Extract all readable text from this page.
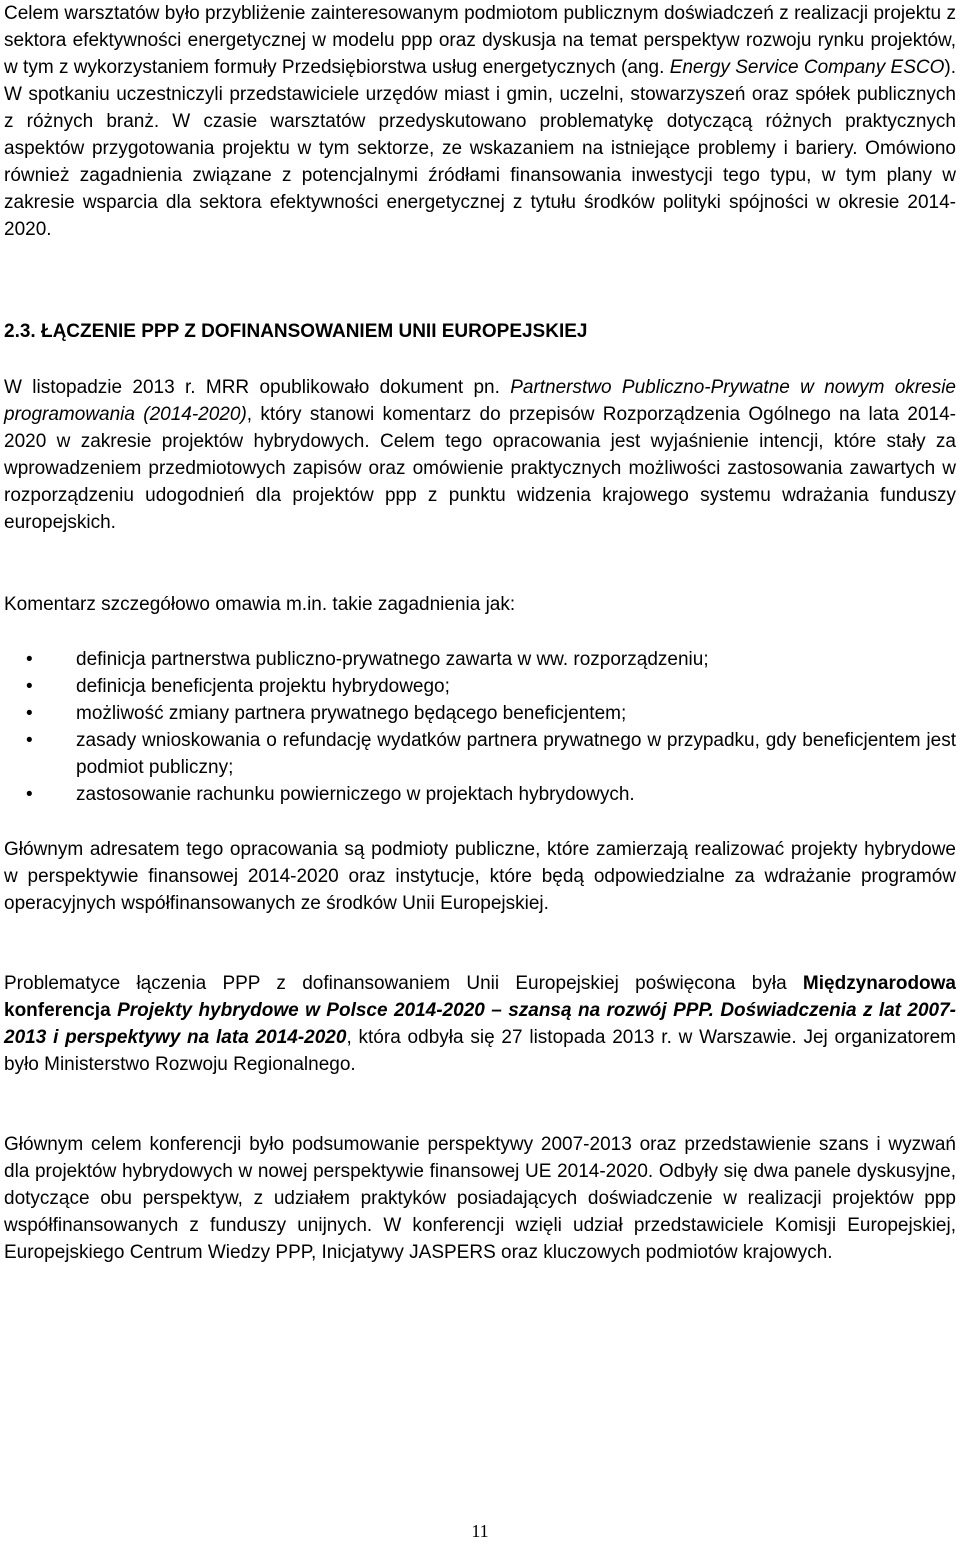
Celem warsztatów było przybliżenie zainteresowanym podmiotom publicznym doświadczeń z realizacji projektu z sektora efektywności energetycznej w modelu ppp oraz dyskusja na temat perspektyw rozwoju rynku projektów, w tym z wykorzystaniem formuły Przedsiębiorstwa usług energetycznych (ang. Energy Service Company ESCO). W spotkaniu uczestniczyli przedstawiciele urzędów miast i gmin, uczelni, stowarzyszeń oraz spółek publicznych z różnych branż. W czasie warsztatów przedyskutowano problematykę dotyczącą różnych praktycznych aspektów przygotowania projektu w tym sektorze, ze wskazaniem na istniejące problemy i bariery. Omówiono również zagadnienia związane z potencjalnymi źródłami finansowania inwestycji tego typu, w tym plany w zakresie wsparcia dla sektora efektywności energetycznej z tytułu środków polityki spójności w okresie 2014-2020.

2.3. ŁĄCZENIE PPP Z DOFINANSOWANIEM UNII EUROPEJSKIEJ

W listopadzie 2013 r. MRR opublikowało dokument pn. Partnerstwo Publiczno-Prywatne w nowym okresie programowania (2014-2020), który stanowi komentarz do przepisów Rozporządzenia Ogólnego na lata 2014-2020 w zakresie projektów hybrydowych. Celem tego opracowania jest wyjaśnienie intencji, które stały za wprowadzeniem przedmiotowych zapisów oraz omówienie praktycznych możliwości zastosowania zawartych w rozporządzeniu udogodnień dla projektów ppp z punktu widzenia krajowego systemu wdrażania funduszy europejskich.

Komentarz szczegółowo omawia m.in. takie zagadnienia jak:

• definicja partnerstwa publiczno-prywatnego zawarta w ww. rozporządzeniu;
• definicja beneficjenta projektu hybrydowego;
• możliwość zmiany partnera prywatnego będącego beneficjentem;
• zasady wnioskowania o refundację wydatków partnera prywatnego w przypadku, gdy beneficjentem jest podmiot publiczny;
• zastosowanie rachunku powierniczego w projektach hybrydowych.

Głównym adresatem tego opracowania są podmioty publiczne, które zamierzają realizować projekty hybrydowe w perspektywie finansowej 2014-2020 oraz instytucje, które będą odpowiedzialne za wdrażanie programów operacyjnych współfinansowanych ze środków Unii Europejskiej.

Problematyce łączenia PPP z dofinansowaniem Unii Europejskiej poświęcona była Międzynarodowa konferencja Projekty hybrydowe w Polsce 2014-2020 – szansą na rozwój PPP. Doświadczenia z lat 2007-2013 i perspektywy na lata 2014-2020, która odbyła się 27 listopada 2013 r. w Warszawie. Jej organizatorem było Ministerstwo Rozwoju Regionalnego.

Głównym celem konferencji było podsumowanie perspektywy 2007-2013 oraz przedstawienie szans i wyzwań dla projektów hybrydowych w nowej perspektywie finansowej UE 2014-2020. Odbyły się dwa panele dyskusyjne, dotyczące obu perspektyw, z udziałem praktyków posiadających doświadczenie w realizacji projektów ppp współfinansowanych z funduszy unijnych. W konferencji wzięli udział przedstawiciele Komisji Europejskiej, Europejskiego Centrum Wiedzy PPP, Inicjatywy JASPERS oraz kluczowych podmiotów krajowych.

11
